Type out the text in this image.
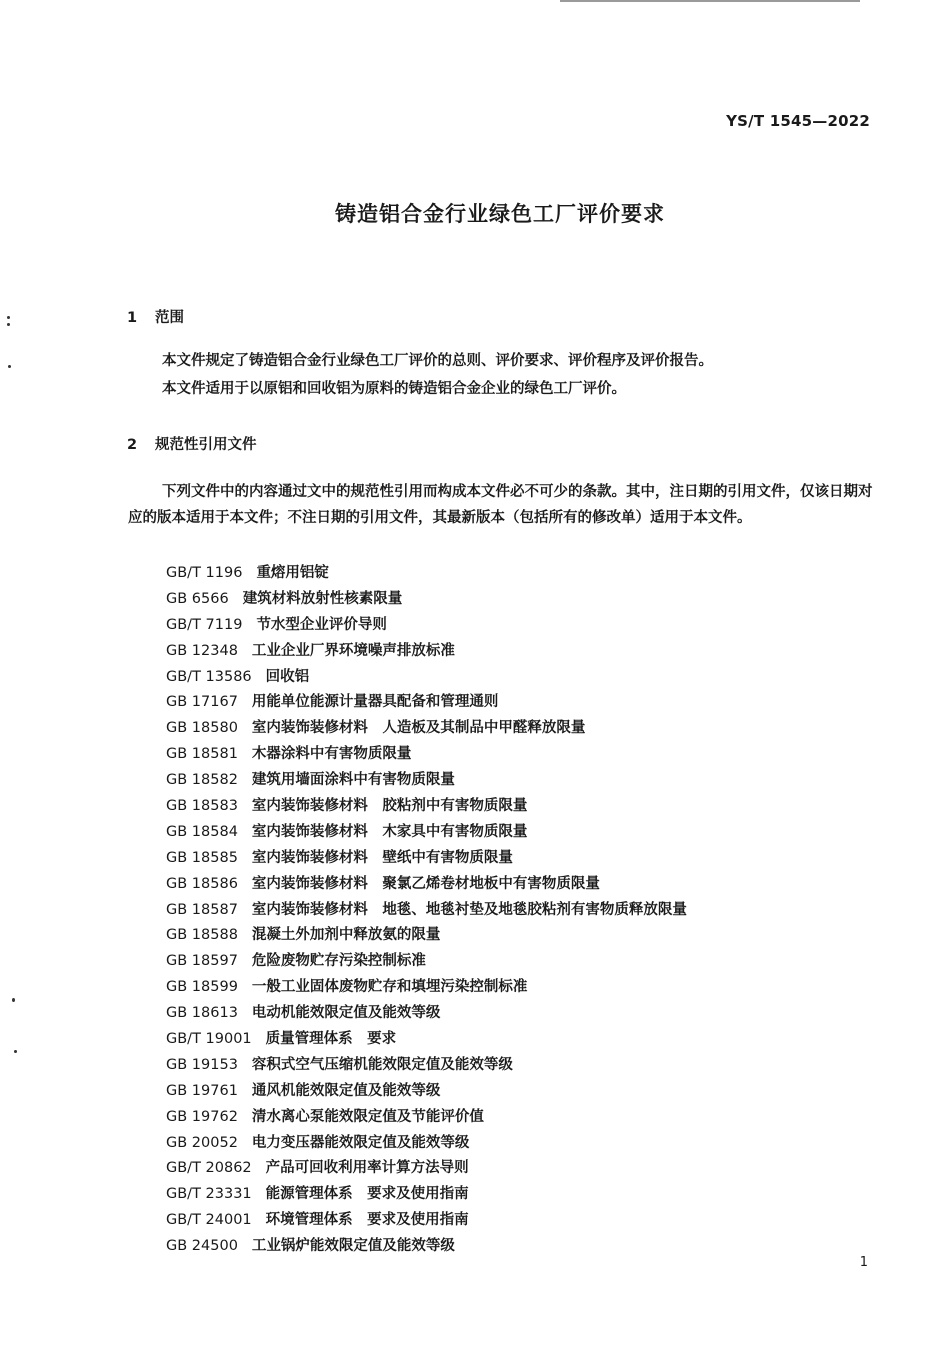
YS/T 1545—2022
铸造铝合金行业绿色工厂评价要求
1 范围
本文件规定了铸造铝合金行业绿色工厂评价的总则、评价要求、评价程序及评价报告。
本文件适用于以原铝和回收铝为原料的铸造铝合金企业的绿色工厂评价。
2 规范性引用文件
下列文件中的内容通过文中的规范性引用而构成本文件必不可少的条款。其中，注日期的引用文件，仅该日期对应的版本适用于本文件；不注日期的引用文件，其最新版本（包括所有的修改单）适用于本文件。
GB/T 1196 重熔用铝锭
GB 6566 建筑材料放射性核素限量
GB/T 7119 节水型企业评价导则
GB 12348 工业企业厂界环境噪声排放标准
GB/T 13586 回收铝
GB 17167 用能单位能源计量器具配备和管理通则
GB 18580 室内装饰装修材料　人造板及其制品中甲醛释放限量
GB 18581 木器涂料中有害物质限量
GB 18582 建筑用墙面涂料中有害物质限量
GB 18583 室内装饰装修材料　胶粘剂中有害物质限量
GB 18584 室内装饰装修材料　木家具中有害物质限量
GB 18585 室内装饰装修材料　壁纸中有害物质限量
GB 18586 室内装饰装修材料　聚氯乙烯卷材地板中有害物质限量
GB 18587 室内装饰装修材料　地毯、地毯衬垫及地毯胶粘剂有害物质释放限量
GB 18588 混凝土外加剂中释放氨的限量
GB 18597 危险废物贮存污染控制标准
GB 18599 一般工业固体废物贮存和填埋污染控制标准
GB 18613 电动机能效限定值及能效等级
GB/T 19001 质量管理体系　要求
GB 19153 容积式空气压缩机能效限定值及能效等级
GB 19761 通风机能效限定值及能效等级
GB 19762 清水离心泵能效限定值及节能评价值
GB 20052 电力变压器能效限定值及能效等级
GB/T 20862 产品可回收利用率计算方法导则
GB/T 23331 能源管理体系　要求及使用指南
GB/T 24001 环境管理体系　要求及使用指南
GB 24500 工业锅炉能效限定值及能效等级
1
